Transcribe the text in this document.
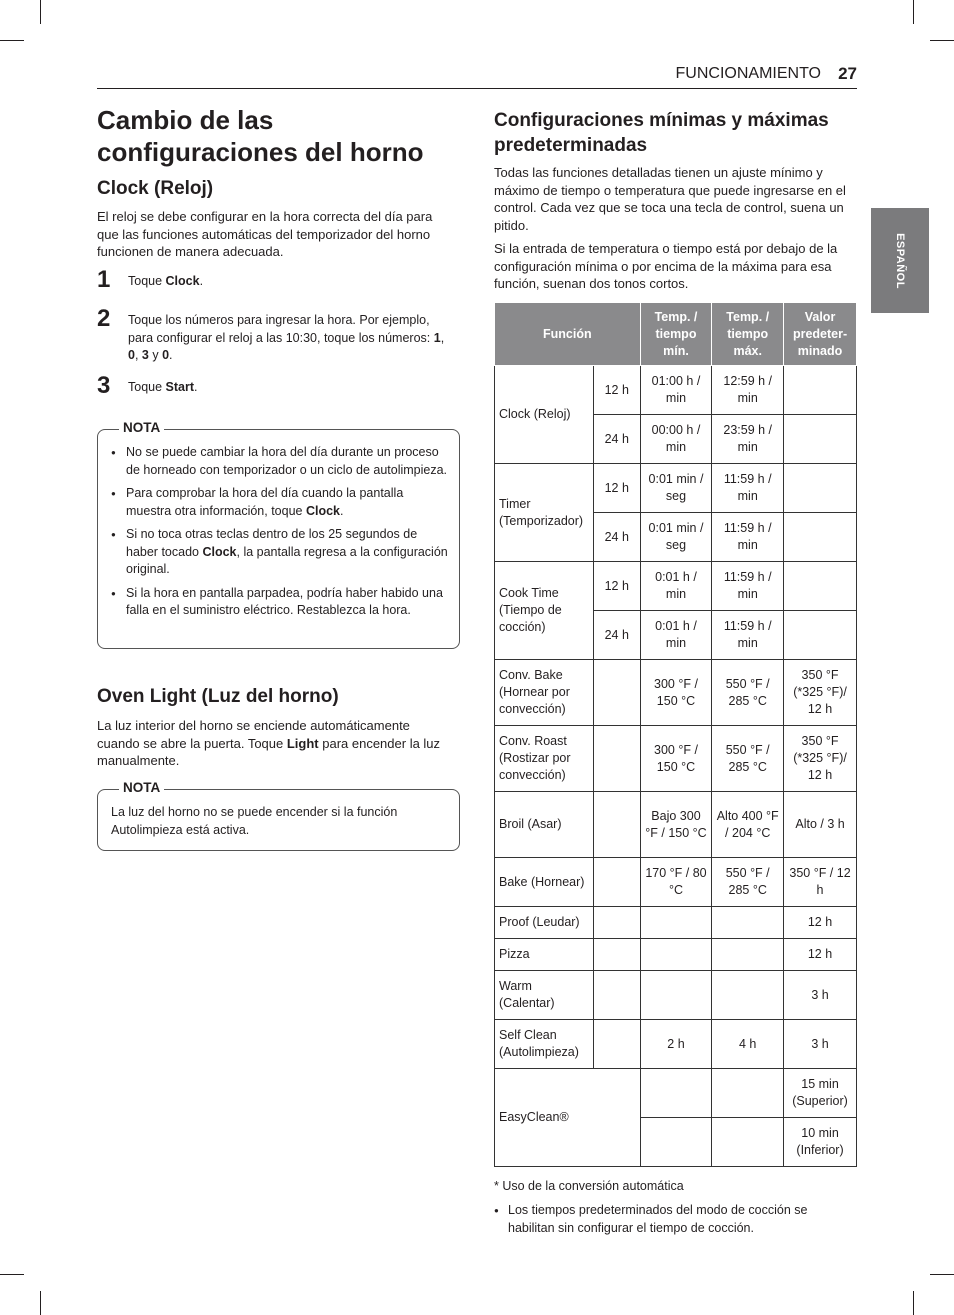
FUNCIONAMIENTO 27
ESPAÑOL
Cambio de las configuraciones del horno
Clock (Reloj)

El reloj se debe configurar en la hora correcta del día para que las funciones automáticas del temporizador del horno funcionen de manera adecuada.

1 Toque Clock.
2 Toque los números para ingresar la hora. Por ejemplo, para configurar el reloj a las 10:30, toque los números: 1, 0, 3 y 0.
3 Toque Start.
NOTA
● No se puede cambiar la hora del día durante un proceso de horneado con temporizador o un ciclo de autolimpieza.
● Para comprobar la hora del día cuando la pantalla muestra otra información, toque Clock.
● Si no toca otras teclas dentro de los 25 segundos de haber tocado Clock, la pantalla regresa a la configuración original.
● Si la hora en pantalla parpadea, podría haber habido una falla en el suministro eléctrico. Restablezca la hora.
Oven Light (Luz del horno)

La luz interior del horno se enciende automáticamente cuando se abre la puerta. Toque Light para encender la luz manualmente.

NOTA
La luz del horno no se puede encender si la función Autolimpieza está activa.
Configuraciones mínimas y máximas predeterminadas

Todas las funciones detalladas tienen un ajuste mínimo y máximo de tiempo o temperatura que puede ingresarse en el control. Cada vez que se toca una tecla de control, suena un pitido.

Si la entrada de temperatura o tiempo está por debajo de la configuración mínima o por encima de la máxima para esa función, suenan dos tonos cortos.

Función		Temp. / tiempo mín.	Temp. / tiempo máx.	Valor predeter-minado
Clock (Reloj)	12 h	01:00 h / min	12:59 h / min	
	24 h	00:00 h / min	23:59 h / min	
Timer (Temporizador)	12 h	0:01 min / seg	11:59 h / min	
	24 h	0:01 min / seg	11:59 h / min	
Cook Time (Tiempo de cocción)	12 h	0:01 h / min	11:59 h / min	
	24 h	0:01 h / min	11:59 h / min	
Conv. Bake (Hornear por convección)		300 °F / 150 °C	550 °F / 285 °C	350 °F (*325 °F)/ 12 h
Conv. Roast (Rostizar por convección)		300 °F / 150 °C	550 °F / 285 °C	350 °F (*325 °F)/ 12 h
Broil (Asar)		Bajo 300 °F / 150 °C	Alto 400 °F / 204 °C	Alto / 3 h
Bake (Hornear)		170 °F / 80 °C	550 °F / 285 °C	350 °F / 12 h
Proof (Leudar)				12 h
Pizza				12 h
Warm (Calentar)				3 h
Self Clean (Autolimpieza)		2 h	4 h	3 h
EasyClean®				15 min (Superior)
				10 min (Inferior)
* Uso de la conversión automática
● Los tiempos predeterminados del modo de cocción se habilitan sin configurar el tiempo de cocción.
